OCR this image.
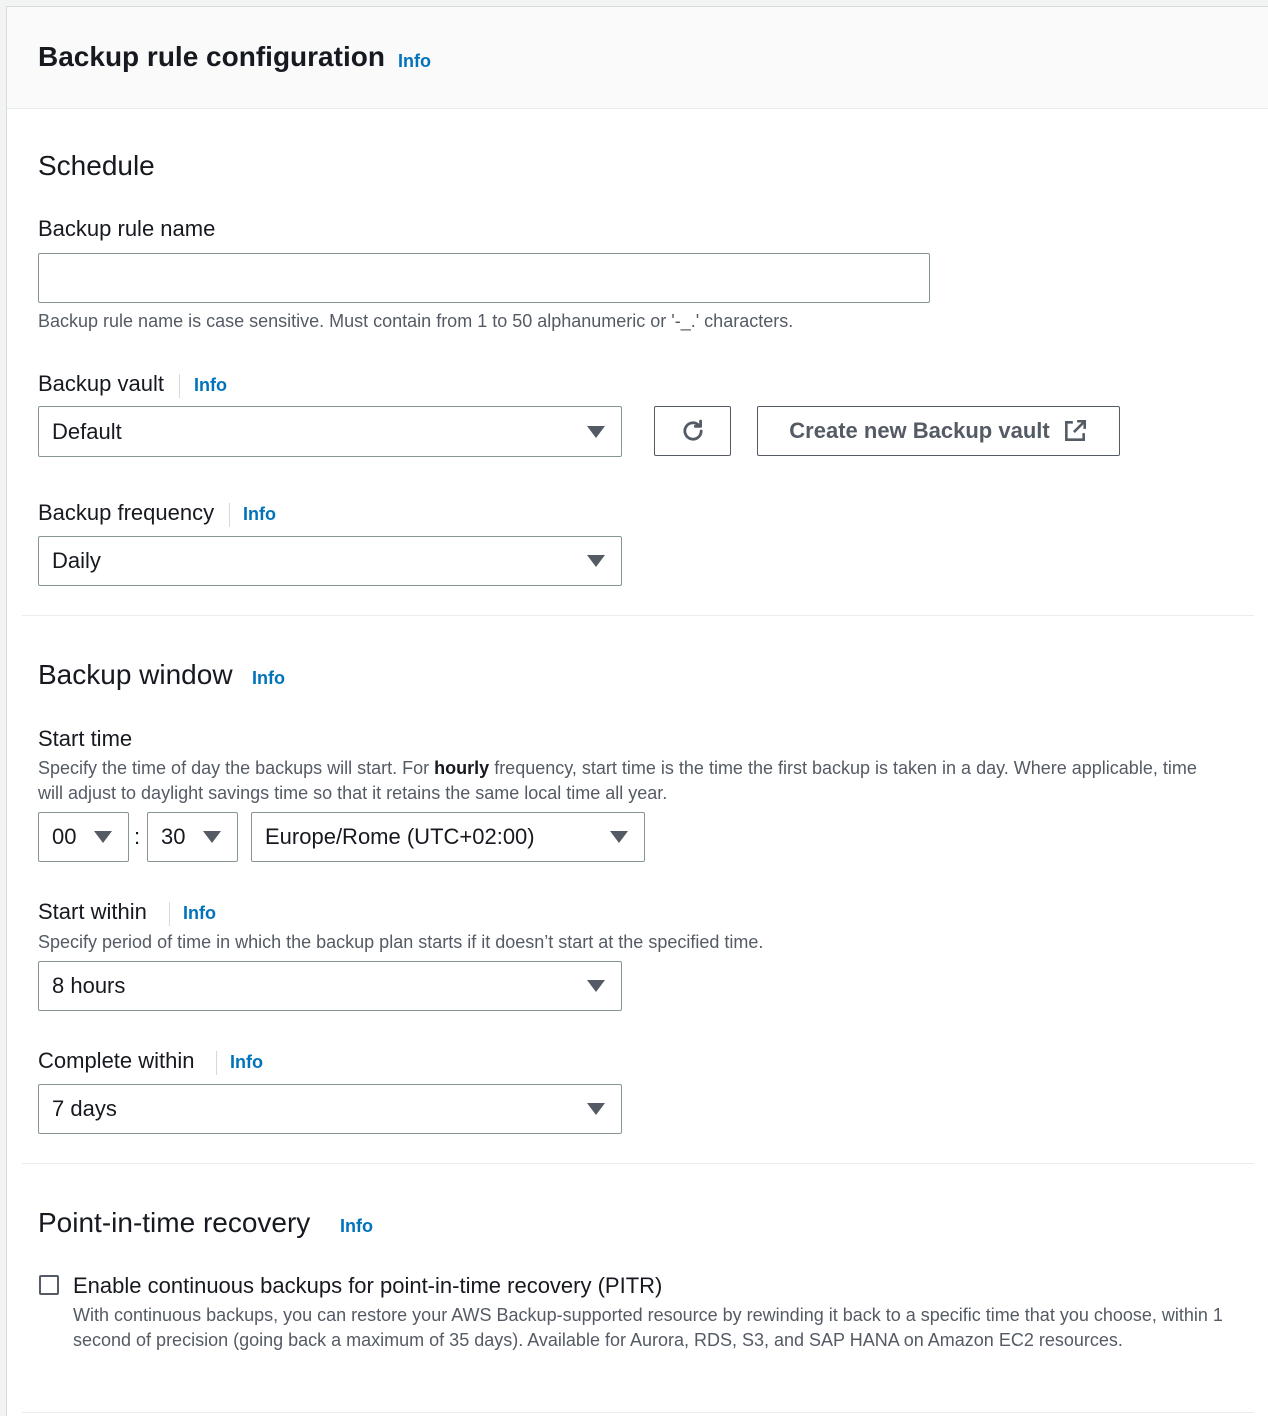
Backup rule configuration Info
Schedule
Backup rule name
Backup rule name is case sensitive. Must contain from 1 to 50 alphanumeric or '-_.' characters.
Backup vault Info
Default	Create new Backup vault
Backup frequency Info
Daily
Backup window Info
Start time
Specify the time of day the backups will start. For hourly frequency, start time is the time the first backup is taken in a day. Where applicable, time will adjust to daylight savings time so that it retains the same local time all year.
00	: 30	Europe/Rome (UTC+02:00)
Start within Info
Specify period of time in which the backup plan starts if it doesn’t start at the specified time.
8 hours
Complete within Info
7 days
Point-in-time recovery Info
Enable continuous backups for point-in-time recovery (PITR)
With continuous backups, you can restore your AWS Backup-supported resource by rewinding it back to a specific time that you choose, within 1 second of precision (going back a maximum of 35 days). Available for Aurora, RDS, S3, and SAP HANA on Amazon EC2 resources.
